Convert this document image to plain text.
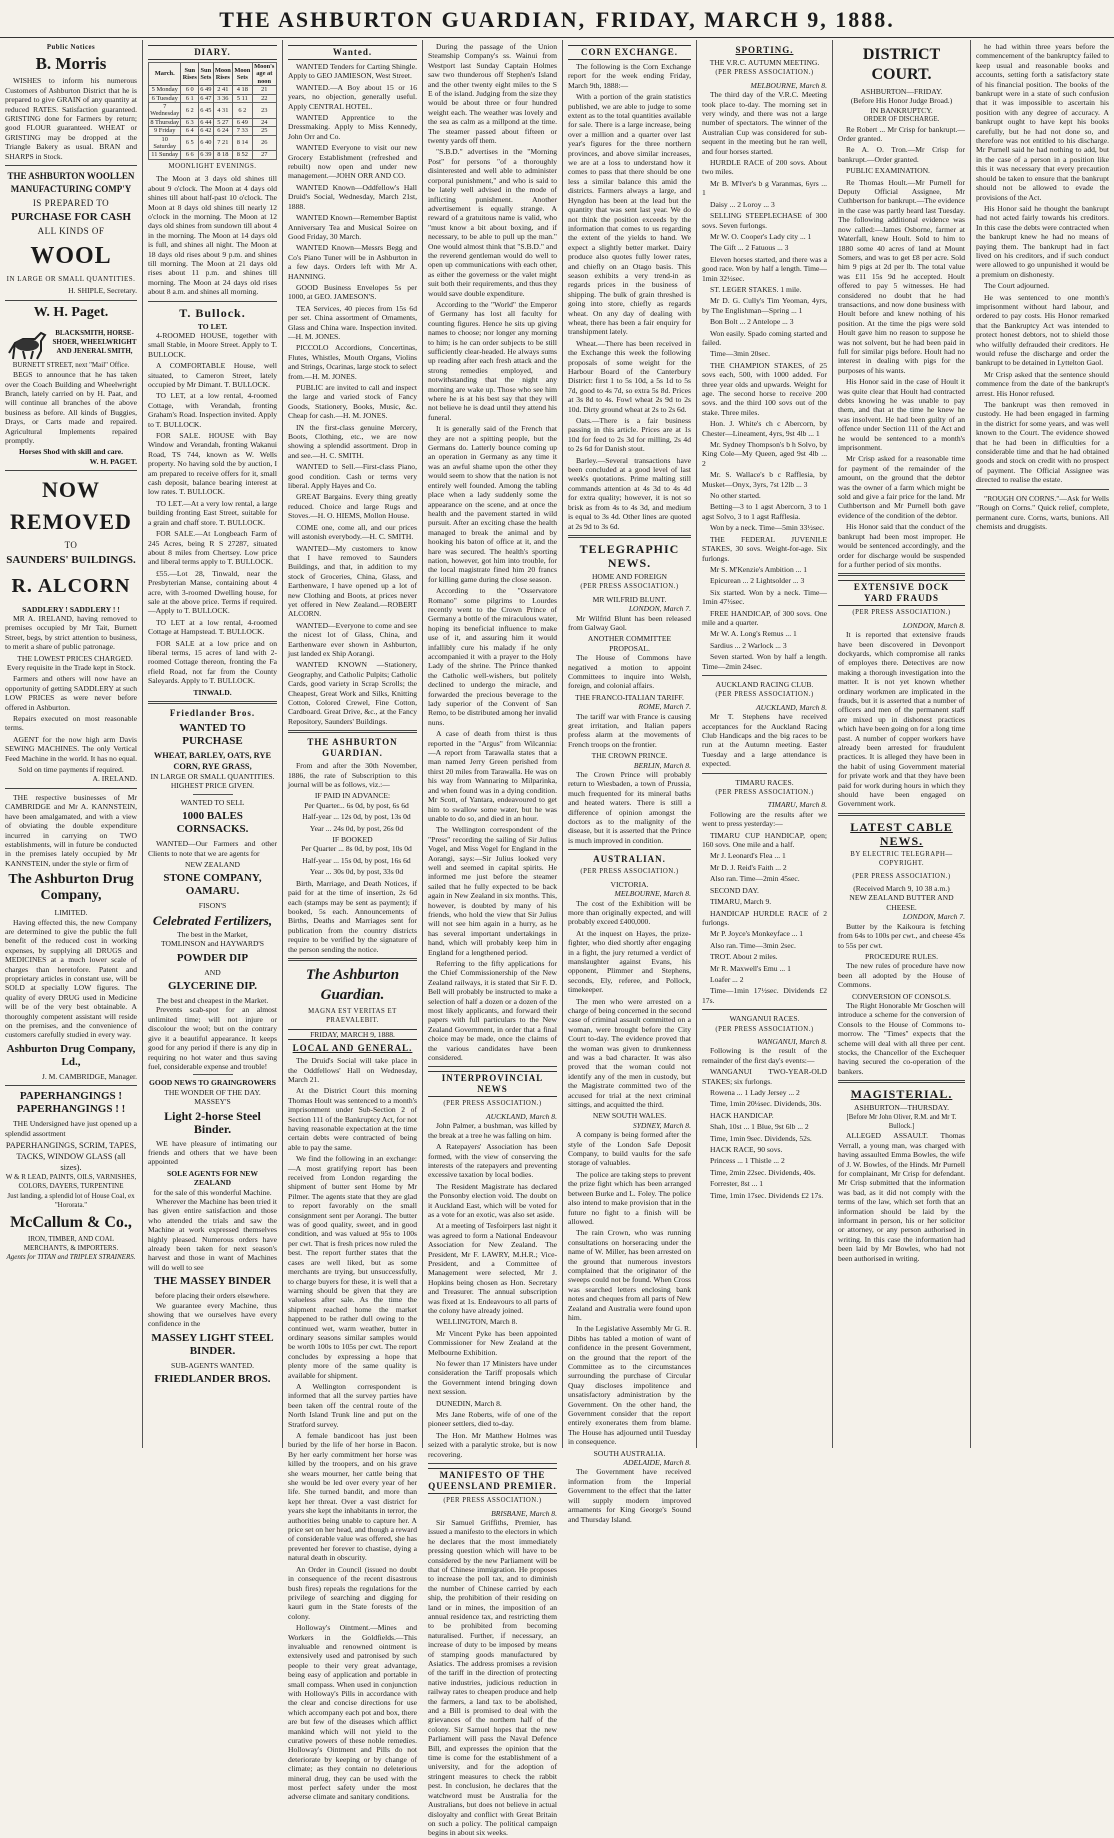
THE ASHBURTON GUARDIAN, FRIDAY, MARCH 9, 1888.
Public Notices
B. Morris

WISHES to inform his numerous Customers of Ashburton District that he is prepared to give GRAIN of any quantity at reduced RATES. Satisfaction guaranteed. GRISTING done for Farmers by return; good FLOUR guaranteed. WHEAT or GRISTING may be dropped at the Triangle Bakery as usual. BRAN and SHARPS in Stock.

THE ASHBURTON WOOLLEN MANUFACTURING COMP'Y
IS PREPARED TO
PURCHASE FOR CASH
ALL KINDS OF
WOOL
IN LARGE OR SMALL QUANTITIES.
H. SHIPLE, Secretary.
W. H. Paget.
BLACKSMITH, HORSE-SHOER, WHEELWRIGHT AND JENERAL SMITH,
BURNETT STREET, next "Mail" Office.

BEGS to announce that he has taken over the Coach Building and Wheelwright Branch, lately carried on by H. Paat, and will continue all branches of the above business as before. All kinds of Buggies, Drays, or Carts made and repaired. Agricultural Implements repaired promptly.

Horses Shod with skill and care.
W. H. PAGET.
NOW
REMOVED
TO
SAUNDERS' BUILDINGS.
R. ALCORN
SADDLERY ! SADDLERY ! !

MR A. IRELAND, having removed to premises occupied by Mr Tait, Burnett Street, begs, by strict attention to business, to merit a share of public patronage.

THE LOWEST PRICES CHARGED. Every requisite in the Trade kept in Stock.

Farmers and others will now have an opportunity of getting SADDLERY at such LOW PRICES as were never before offered in Ashburton.

Repairs executed on most reasonable terms.

AGENT for the now high arm Davis SEWING MACHINES. The only Vertical Feed Machine in the world. It has no equal.

Sold on time payments if required.
A. IRELAND.

THE respective businesses of Mr CAMBRIDGE and Mr A. KANNSTEIN, have been amalgamated, and with a view of obviating the double expenditure incurred in carrying on TWO establishments, will in future be conducted in the premises lately occupied by Mr KANNSTEIN, under the style or firm of

The Ashburton Drug Company,
LIMITED.

Having effected this, the new Company are determined to give the public the full benefit of the reduced cost in working expenses, by supplying all DRUGS and MEDICINES at a much lower scale of charges than heretofore. Patent and proprietary articles in constant use, will be SOLD at specially LOW figures. The quality of every DRUG used in Medicine will be of the very best obtainable. A thoroughly competent assistant will reside on the premises, and the convenience of customers carefully studied in every way.

Ashburton Drug Company, Ld.,
J. M. CAMBRIDGE, Manager.
PAPERHANGINGS ! PAPERHANGINGS ! !

THE Undersigned have just opened up a splendid assortment

PAPERHANGINGS, SCRIM, TAPES, TACKS, WINDOW GLASS (all sizes).
W & R LEAD, PAINTS, OILS, VARNISHES, COLORS, DAYERS, TURPENTINE
Just landing, a splendid lot of House Coal, ex "Hororata."
McCallum & Co.,
IRON, TIMBER, AND COAL MERCHANTS, & IMPORTERS.
Agents for TITAN and TRIPLEX STRAINERS.
DIARY.
March.	Sun Rises	Sun Sets	Moon Rises	Moon Sets	Moon's age at noon
5 Monday	6 0	6 49	2 41	4 18	21
6 Tuesday	6 1	6 47	3 36	5 11	22
7 Wednesday	6 2	6 45	4 31	6 2	23
8 Thursday	6 3	6 44	5 27	6 49	24
9 Friday	6 4	6 42	6 24	7 33	25
10 Saturday	6 5	6 40	7 21	8 14	26
11 Sunday	6 6	6 39	8 18	8 52	27
MOONLIGHT EVENINGS.

The Moon at 3 days old shines till about 9 o'clock. The Moon at 4 days old shines till about half-past 10 o'clock. The Moon at 8 days old shines till nearly 12 o'clock in the morning. The Moon at 12 days old shines from sundown till about 4 in the morning. The Moon at 14 days old is full, and shines all night. The Moon at 18 days old rises about 9 p.m. and shines till morning. The Moon at 21 days old rises about 11 p.m. and shines till morning. The Moon at 24 days old rises about 8 a.m. and shines all morning.

T. Bullock.
TO LET.

4-ROOMED HOUSE, together with small Stable, in Moore Street. Apply to T. BULLOCK.

A COMFORTABLE House, well situated, to Cameron Street, lately occupied by Mr Dimant. T. BULLOCK.

TO LET, at a low rental, 4-roomed Cottage, with Verandah, fronting Graham's Road. Inspection invited. Apply to T. BULLOCK.

FOR SALE. HOUSE with Bay Window and Verandah, fronting Wakanui Road, TS 744, known as W. Wells property. No having sold the by auction, I am prepared to receive offers for it, small cash deposit, balance bearing interest at low rates. T. BULLOCK.

TO LET.—At a very low rental, a large building fronting East Street, suitable for a grain and chaff store. T. BULLOCK.

FOR SALE.—At Longbeach Farm of 245 Acres, being R S 27287, situated about 8 miles from Chertsey. Low price and liberal terms apply to T. BULLOCK.

£55.—Lot 28, Tinwald, near the Presbyterian Manse, containing about 4 acre, with 3-roomed Dwelling house, for sale at the above price. Terms if required.—Apply to T. BULLOCK.

TO LET at a low rental, 4-roomed Cottage at Hampstead. T. BULLOCK.

FOR SALE at a low price and on liberal terms, 15 acres of land with 2-roomed Cottage thereon, fronting the Fa rfield Road, not far from the County Saleyards. Apply to T. BULLOCK.

TINWALD.
Friedlander Bros.
WANTED TO PURCHASE
WHEAT, BARLEY, OATS, RYE CORN, RYE GRASS,
IN LARGE OR SMALL QUANTITIES.
HIGHEST PRICE GIVEN.
WANTED TO SELL
1000 BALES CORNSACKS.

WANTED—Our Farmers and other Clients to note that we are agents for

NEW ZEALAND
STONE COMPANY, OAMARU.
FISON'S
Celebrated Fertilizers,
The best in the Market,
TOMLINSON and HAYWARD'S
POWDER DIP
AND
GLYCERINE DIP.
The best and cheapest in the Market.

Prevents scab-spot for an almost unlimited time; will not injure or discolour the wool; but on the contrary give it a beautiful appearance. It keeps good for any period if there is any dip in requiring no hot water and thus saving fuel, considerable expense and trouble!

GOOD NEWS TO GRAINGROWERS
THE WONDER OF THE DAY.
MASSEY'S
Light 2-horse Steel Binder.

WE have pleasure of intimating our friends and others that we have been appointed

SOLE AGENTS FOR NEW ZEALAND
for the sale of this wonderful Machine.

Wherever the Machine has been tried it has given entire satisfaction and those who attended the trials and saw the Machine at work expressed themselves highly pleased. Numerous orders have already been taken for next season's harvest and those in want of Machines will do well to see

THE MASSEY BINDER
before placing their orders elsewhere.

We guarantee every Machine, thus showing that we ourselves have every confidence in the

MASSEY LIGHT STEEL BINDER.
SUB-AGENTS WANTED.
FRIEDLANDER BROS.
Wanted.

WANTED Tenders for Carting Shingle. Apply to GEO JAMIESON, West Street.

WANTED.—A Boy about 15 or 16 years, no objection, generally useful. Apply CENTRAL HOTEL.

WANTED Apprentice to the Dressmaking. Apply to Miss Kennedy, John Orr and Co.

WANTED Everyone to visit our new Grocery Establishment (refreshed and rebuilt) now open and under new management.—JOHN ORR AND CO.

WANTED Known—Oddfellow's Hall Druid's Social, Wednesday, March 21st, 1888.

WANTED Known—Remember Baptist Anniversary Tea and Musical Soiree on Good Friday, 30 March.

WANTED Known—Messrs Begg and Co's Piano Tuner will be in Ashburton in a few days. Orders left with Mr A. HANNING.

GOOD Business Envelopes 5s per 1000, at GEO. JAMESON'S.

TEA Services, 40 pieces from 15s 6d per set. China assortment of Ornaments, Glass and China ware. Inspection invited.—H. M. JONES.

PICCOLO Accordions, Concertinas, Flutes, Whistles, Mouth Organs, Violins and Strings, Ocarinas, large stock to select from.—H. M. JONES.

PUBLIC are invited to call and inspect the large and varied stock of Fancy Goods, Stationery, Books, Music, &c. Cheap for cash.—H. M. JONES.

IN the first-class genuine Mercery, Boots, Clothing, etc., we are now showing a splendid assortment. Drop in and see.—H. C. SMITH.

WANTED to Sell.—First-class Piano, good condition. Cash or terms very liberal. Apply Hayes and Co.

GREAT Bargains. Every thing greatly reduced. Choice and large Rugs and Stoves.—H. O. HIEMS, Mollon House.

COME one, come all, and our prices will astonish everybody.—H. C. SMITH.

WANTED—My customers to know that I have removed to Saunders Buildings, and that, in addition to my stock of Groceries, China, Glass, and Earthenware, I have opened up a lot of new Clothing and Boots, at prices never yet offered in New Zealand.—ROBERT ALCORN.

WANTED—Everyone to come and see the nicest lot of Glass, China, and Earthenware ever shown in Ashburton, just landed ex Ship Aorangi.

WANTED KNOWN —Stationery, Geography, and Catholic Pulpits; Catholic Cards, good variety in Scrap Scrolls; the Cheapest, Great Work and Silks, Knitting Cotton, Colored Crewel, Fine Cotton, Cardboard. Great Drive, &c., at the Fancy Repository, Saunders' Buildings.

THE ASHBURTON GUARDIAN.

From and after the 30th November, 1886, the rate of Subscription to this journal will be as follows, viz.:—

IF PAID IN ADVANCE:

Per Quarter... 6s 0d, by post, 6s 6d

Half-year ... 12s 0d, by post, 13s 0d

Year ... 24s 0d, by post, 26s 0d

IF BOOKED

Per Quarter ... 8s 0d, by post, 10s 0d

Half-year ... 15s 0d, by post, 16s 6d

Year ... 30s 0d, by post, 33s 0d

Birth, Marriage, and Death Notices, if paid for at the time of insertion, 2s 6d each (stamps may be sent as payment); if booked, 5s each. Announcements of Births, Deaths and Marriages sent for publication from the country districts require to be verified by the signature of the person sending the notice.

The Ashburton Guardian.
MAGNA EST VERITAS ET PRAEVALEBIT.
FRIDAY, MARCH 9, 1888.
LOCAL AND GENERAL.

The Druid's Social will take place in the Oddfellows' Hall on Wednesday, March 21.

At the District Court this morning Thomas Hoult was sentenced to a month's imprisonment under Sub-Section 2 of Section 111 of the Bankruptcy Act, for not having reasonable expectation at the time certain debts were contracted of being able to pay the same.

We find the following in an exchange:—A most gratifying report has been received from London regarding the shipment of butter sent Home by Mr Pilmer. The agents state that they are glad to report favorably on the small consignment sent per Aorangi. The butter was of good quality, sweet, and in good condition, and was valued at 95s to 100s per cwt. That is fresh prices now ruled the best. The report further states that the cases are well liked, but as some merchants are trying, but unsuccessfully, to charge buyers for these, it is well that a warning should be given that they are valueless after sale. As the time the shipment reached home the market happened to be rather dull owing to the continued wet, warm weather, butter in ordinary seasons similar samples would be worth 100s to 105s per cwt. The report concludes by expressing a hope that plenty more of the same quality is available for shipment.

A Wellington correspondent is informed that all the survey parties have been taken off the central route of the North Island Trunk line and put on the Stratford survey.

A female bandicoot has just been buried by the life of her horse in Bacon. By her early commitment her horse was killed by the troopers, and on his grave she wears mourner, her cattle being that she would be led over every year of her life. She turned bandit, and more than kept her threat. Over a vast district for years she kept the inhabitants in terror, the authorities being unable to capture her. A price set on her head, and though a reward of considerable value was offered, she has prevented her forever to chastise, dying a natural death in obscurity.

An Order in Council (issued no doubt in consequence of the recent disastrous bush fires) repeals the regulations for the privilege of searching and digging for kauri gum in the State forests of the colony.

Holloway's Ointment.—Mines and Workers in the Goldfields.—This invaluable and renowned ointment is extensively used and patronised by such people to their very great advantage, being easy of application and portable in small compass. When used in conjunction with Holloway's Pills in accordance with the clear and concise directions for use which accompany each pot and box, there are but few of the diseases which afflict mankind which will not yield to the curative powers of these noble remedies. Holloway's Ointment and Pills do not deteriorate by keeping or by change of climate; as they contain no deleterious mineral drug, they can be used with the most perfect safety under the most adverse climate and sanitary conditions.

During the passage of the Union Steamship Company's ss. Wainui from Westport last Sunday Captain Holmes saw two thunderous off Stephen's Island and the other twenty eight miles to the S E of the island. Judging from the size they would be about three or four hundred weight each. The weather was lovely and the sea as calm as a millpond at the time. The steamer passed about fifteen or twenty yards off them.

"S.B.D." advertises in the "Morning Post" for persons "of a thoroughly disinterested and well able to administer corporal punishment," and who is said to be lately well advised in the mode of inflicting punishment. Another advertisement is equally strange. A reward of a gratuitous name is valid, who "must know a bit about boxing, and if necessary, to be able to pull up the man." One would almost think that "S.B.D." and the reverend gentleman would do well to open up communications with each other, as either the governess or the valet might suit both their requirements, and thus they would save double expenditure.

According to the "World" the Emperor of Germany has lost all faculty for counting figures. Hence he sits up giving names to choose; nor longer any morning to him; is he can order subjects to be still sufficiently clear-headed. He always sums up reading after each fresh attack and the strong remedies employed, and notwithstanding that the night any morning are wake up. Those who see him where he is at his best say that they will not believe he is dead until they attend his funeral.

It is generally said of the French that they are not a spitting people, but the Germans do. Latterly bounce coming up an operation in Germany as any time it was an awful shame upon the other they would seem to show that the nation is not entirely well founded. Among the tabling place when a lady suddenly some the appearance on the scene, and at once the health and the pavement started in wild pursuit. After an exciting chase the health managed to break the animal and by hooking his baton of office at it, and the hare was secured. The health's sporting nation, however, got him into trouble, for the local magistrate fined him 20 francs for killing game during the close season.

According to the "Osservatore Romano" some pilgrims to Lourdes recently went to the Crown Prince of Germany a bottle of the miraculous water, hoping its beneficial influence to make use of it, and assuring him it would infallibly cure his malady if he only accompanied it with a prayer to the Holy Lady of the shrine. The Prince thanked the Catholic well-wishers, but politely declined to undergo the miracle, and forwarded the precious beverage to the lady superior of the Convent of San Remo, to be distributed among her invalid nuns.

A case of death from thirst is thus reported in the "Argus" from Wilcannia:—A report from Tarawalla states that a man named Jerry Green perished from thirst 20 miles from Tarawalla. He was on his way from Wannaring to Milparinka, and when found was in a dying condition. Mr Scott, of Yantara, endeavoured to get him to swallow some water, but he was unable to do so, and died in an hour.

The Wellington correspondent of the "Press" recording the sailing of Sir Julius Vogel, and Miss Vogel for England in the Aorangi, says:—Sir Julius looked very well and seemed in capital spirits. He informed me just before the steamer sailed that he fully expected to be back again in New Zealand in six months. This, however, is doubted by many of his friends, who hold the view that Sir Julius will not see him again in a hurry, as he has several important undertakings in hand, which will probably keep him in England for a lengthened period.

Referring to the fifty applications for the Chief Commissionership of the New Zealand railways, it is stated that Sir F. D. Bell will probably be instructed to make a selection of half a dozen or a dozen of the most likely applicants, and forward their papers with full particulars to the New Zealand Government, in order that a final choice may be made, once the claims of the various candidates have been considered.

INTERPROVINCIAL NEWS
(PER PRESS ASSOCIATION.)
AUCKLAND, March 8.

John Palmer, a bushman, was killed by the break at a tree he was falling on him.

A Ratepayers' Association has been formed, with the view of conserving the interests of the ratepayers and preventing excessive taxation by local bodies.

The Resident Magistrate has declared the Ponsonby election void. The doubt on it Auckland East, which will be voted for as a vote for an exotic, was also set aside.

At a meeting of Tesfoirpers last night it was agreed to form a National Endeavour Association for New Zealand. The President, Mr F. LAWRY, M.H.R.; Vice-President, and a Committee of Management were selected, Mr J. Hopkins being chosen as Hon. Secretary and Treasurer. The annual subscription was fixed at 1s. Endeavours to all parts of the colony have already joined.

WELLINGTON, March 8.

Mr Vincent Pyke has been appointed Commissioner for New Zealand at the Melbourne Exhibition.

No fewer than 17 Ministers have under consideration the Tariff proposals which the Government intend bringing down next session.

DUNEDIN, March 8.

Mrs Jane Roberts, wife of one of the pioneer settlers, died to-day.

The Hon. Mr Matthew Holmes was seized with a paralytic stroke, but is now recovering.

MANIFESTO OF THE QUEENSLAND PREMIER.
(PER PRESS ASSOCIATION.)
BRISBANE, March 8.

Sir Samuel Griffiths, Premier, has issued a manifesto to the electors in which he declares that the most immediately pressing question which will have to be considered by the new Parliament will be that of Chinese immigration. He proposes to increase the poll tax, and to diminish the number of Chinese carried by each ship, the prohibition of their residing on land or in mines, the imposition of an annual residence tax, and restricting them to be prohibited from becoming naturalised. Further, if necessary, an increase of duty to be imposed by means of stamping goods manufactured by Asiatics. The address promises a revision of the tariff in the direction of protecting native industries, judicious reduction in railway rates to cheapen produce and help the farmers, a land tax to be abolished, and a Bill is promised to deal with the grievances of the northern half of the colony. Sir Samuel hopes that the new Parliament will pass the Naval Defence Bill, and expresses the opinion that the time is come for the establishment of a university, and for the adoption of stringent measures to check the rabbit pest. In conclusion, he declares that the watchword must be Australia for the Australians, but does not believe in actual disloyalty and conflict with Great Britain on such a policy. The political campaign begins in about six weeks.

CORN EXCHANGE.

The following is the Corn Exchange report for the week ending Friday, March 9th, 1888:—

With a portion of the grain statistics published, we are able to judge to some extent as to the total quantities available for sale. There is a large increase, being over a million and a quarter over last year's figures for the three northern provinces, and above similar increases, we are at a loss to understand how it comes to pass that there should be one less a similar balance this amid the districts. Farmers always a large, and Hyngdon has been at the lead but the quantity that was sent last year. We do not think the position exceeds by the information that comes to us regarding the extent of the yields to hand. We expect a slightly better market. Dairy produce also quotes fully lower rates, and chiefly on an Otago basis. This season exhibits a very trend-in as regards prices in the business of shipping. The bulk of grain threshed is going into store, chiefly as regards wheat. On any day of dealing with wheat, there has been a fair enquiry for transhipment lately.

Wheat.—There has been received in the Exchange this week the following proposals of some weight for the Harbour Board of the Canterbury District: first 1 to 5s 10d, a 5s 1d to 5s 7d, good to 4s 7d, so extra 5s 8d. Prices at 3s 8d to 4s. Fowl wheat 2s 9d to 2s 10d. Dirty ground wheat at 2s to 2s 6d.

Oats.—There is a fair business passing in this article. Prices are at 1s 10d for feed to 2s 3d for milling, 2s 4d to 2s 6d for Danish stout.

Barley.—Several transactions have been concluded at a good level of last week's quotations. Prime malting still commands attention at 4s 3d to 4s 4d for extra quality; however, it is not so brisk as from 4s to 4s 3d, and medium is equal to 3s 4d. Other lines are quoted at 2s 9d to 3s 6d.

TELEGRAPHIC NEWS.
HOME AND FOREIGN
(PER PRESS ASSOCIATION.)
MR WILFRID BLUNT.
LONDON, March 7.

Mr Wilfrid Blunt has been released from Galway Gaol.

ANOTHER COMMITTEE PROPOSAL.

The House of Commons have negatived a motion to appoint Committees to inquire into Welsh, foreign, and colonial affairs.

THE FRANCO-ITALIAN TARIFF.
ROME, March 7.

The tariff war with France is causing great irritation, and Italian papers profess alarm at the movements of French troops on the frontier.

THE CROWN PRINCE.
BERLIN, March 8.

The Crown Prince will probably return to Wiesbaden, a town of Prussia, much frequented for its mineral baths and heated waters. There is still a difference of opinion amongst the doctors as to the malignity of the disease, but it is asserted that the Prince is much improved in condition.

AUSTRALIAN.
(PER PRESS ASSOCIATION.)
VICTORIA.
MELBOURNE, March 8.

The cost of the Exhibition will be more than originally expected, and will probably exceed £400,000.

At the inquest on Hayes, the prize-fighter, who died shortly after engaging in a fight, the jury returned a verdict of manslaughter against Evans, his opponent, Plimmer and Stephens, seconds, Ely, referee, and Pollock, timekeeper.

The men who were arrested on a charge of being concerned in the second case of criminal assault committed on a woman, were brought before the City Court to-day. The evidence proved that the woman was given to drunkenness and was a bad character. It was also proved that the woman could not identify any of the men in custody, but the Magistrate committed two of the accused for trial at the next criminal sittings, and acquitted the third.

NEW SOUTH WALES.
SYDNEY, March 8.

A company is being formed after the style of the London Safe Deposit Company, to build vaults for the safe storage of valuables.

The police are taking steps to prevent the prize fight which has been arranged between Burke and L. Foley. The police also intend to make provision that in the future no fight to a finish will be allowed.

The rain Crown, who was running consultations on horseracing under the name of W. Miller, has been arrested on the ground that numerous investors complained that the originator of the sweeps could not be found. When Cross was searched letters enclosing bank notes and cheques from all parts of New Zealand and Australia were found upon him.

In the Legislative Assembly Mr G. R. Dibbs has tabled a motion of want of confidence in the present Government, on the ground that the report of the Committee as to the circumstances surrounding the purchase of Circular Quay discloses impolitence and unsatisfactory administration by the Government. On the other hand, the Government consider that the report entirely exonerates them from blame. The House has adjourned until Tuesday in consequence.

SOUTH AUSTRALIA.
ADELAIDE, March 8.

The Government have received information from the Imperial Government to the effect that the latter will supply modern improved armaments for King George's Sound and Thursday Island.

SPORTING.
THE V.R.C. AUTUMN MEETING.
(PER PRESS ASSOCIATION.)
MELBOURNE, March 8.

The third day of the V.R.C. Meeting took place to-day. The morning set in very windy, and there was not a large number of spectators. The winner of the Australian Cup was considered for sub-sequent in the meeting but he ran well, and four horses started.

HURDLE RACE of 200 sovs. About two miles.

Mr B. M'Iver's b g Varanmas, 6yrs ... 1

Daisy ... 2 Loroy ... 3

SELLING STEEPLECHASE of 300 sovs. Seven furlongs.

Mr W. O. Cooper's Lady city ... 1

The Gift ... 2 Fatuous ... 3

Eleven horses started, and there was a good race. Won by half a length. Time—1min 32½sec.

ST. LEGER STAKES. 1 mile.

Mr D. G. Cully's Tim Yeoman, 4yrs, by The Englishman—Spring ... 1

Bon Bolt ... 2 Antelope ... 3

Won easily. Spado coming started and failed.

Time—3min 20sec.

THE CHAMPION STAKES, of 25 sovs each, 500, with 1000 added. For three year olds and upwards. Weight for age. The second horse to receive 200 sovs. and the third 100 sovs out of the stake. Three miles.

Hon. J. White's ch c Abercorn, by Chester—Lineament, 4yrs, 9st 4lb ... 1

Mr. Sydney Thompson's b h Solvo, by King Cole—My Queen, aged 9st 4lb ... 2

Mr. S. Wallace's b c Rafflesia, by Musket—Onyx, 3yrs, 7st 12lb ... 3

No other started.

Betting—3 to 1 agst Abercorn, 3 to 1 agst Solvo, 3 to 1 agst Rafflesia.

Won by a neck. Time—5min 33½sec.

THE FEDERAL JUVENILE STAKES, 30 sovs. Weight-for-age. Six furlongs.

Mr S. M'Kenzie's Ambition ... 1

Epicurean ... 2 Lightsolder ... 3

Six started. Won by a neck. Time—1min 47½sec.

FREE HANDICAP, of 300 sovs. One mile and a quarter.

Mr W. A. Long's Remus ... 1

Sardius ... 2 Warlock ... 3

Seven started. Won by half a length. Time—2min 24sec.

AUCKLAND RACING CLUB.
(PER PRESS ASSOCIATION.)
AUCKLAND, March 8.

Mr T. Stephens have received acceptances for the Auckland Racing Club Handicaps and the big races to be run at the Autumn meeting. Easter Tuesday and a large attendance is expected.

TIMARU RACES.
(PER PRESS ASSOCIATION.)
TIMARU, March 8.

Following are the results after we went to press yesterday:—

TIMARU CUP HANDICAP, open; 160 sovs. One mile and a half.

Mr J. Leonard's Flea ... 1

Mr D. J. Reid's Faith ... 2

Also ran. Time—2min 45sec.

SECOND DAY.

TIMARU, March 9.

HANDICAP HURDLE RACE of 2 furlongs.

Mr P. Joyce's Monkeyface ... 1

Also ran. Time—3min 2sec.

TROT. About 2 miles.

Mr R. Maxwell's Emu ... 1

Loafer ... 2

Time—1min 17½sec. Dividends £2 17s.

WANGANUI RACES.
(PER PRESS ASSOCIATION.)
WANGANUI, March 8.

Following is the result of the remainder of the first day's events:—

WANGANUI TWO-YEAR-OLD STAKES; six furlongs.

Rowena ... 1 Lady Jersey ... 2

Time, 1min 20¼sec. Dividends, 30s.

HACK HANDICAP.

Shah, 10st ... 1 Blue, 9st 6lb ... 2

Time, 1min 9sec. Dividends, 52s.

HACK RACE, 90 sovs.

Princess ... 1 Thistle ... 2

Time, 2min 22sec. Dividends, 40s.

Forrester, 8st ... 1

Time, 1min 17sec. Dividends £2 17s.

DISTRICT COURT.
ASHBURTON—FRIDAY.
(Before His Honor Judge Broad.)
IN BANKRUPTCY.
ORDER OF DISCHARGE.

Re Robert ... Mr Crisp for bankrupt.—Order granted.

Re A. O. Tron.—Mr Crisp for bankrupt.—Order granted.

PUBLIC EXAMINATION.

Re Thomas Hoult.—Mr Purnell for Deputy Official Assignee, Mr Cuthbertson for bankrupt.—The evidence in the case was partly heard last Tuesday. The following additional evidence was now called:—James Osborne, farmer at Waterfall, knew Hoult. Sold to him to 1880 some 40 acres of land at Mount Somers, and was to get £8 per acre. Sold him 9 pigs at 2d per lb. The total value was £11 15s 9d he accepted. Hoult offered to pay 5 witnesses. He had considered no doubt that he had transactions, and now done business with Hoult before and knew nothing of his position. At the time the pigs were sold Hoult gave him no reason to suppose he was not solvent, but he had been paid in full for similar pigs before. Hoult had no interest in dealing with pigs for the purposes of his wants.

His Honor said in the case of Hoult it was quite clear that Hoult had contracted debts knowing he was unable to pay them, and that at the time he knew he was insolvent. He had been guilty of an offence under Section 111 of the Act and he would be sentenced to a month's imprisonment.

Mr Crisp asked for a reasonable time for payment of the remainder of the amount, on the ground that the debtor was the owner of a farm which might be sold and give a fair price for the land. Mr Cuthbertson and Mr Purnell both gave evidence of the condition of the debtor.

His Honor said that the conduct of the bankrupt had been most improper. He would be sentenced accordingly, and the order for discharge would be suspended for a further period of six months.

EXTENSIVE DOCK YARD FRAUDS
(PER PRESS ASSOCIATION.)
LONDON, March 8.

It is reported that extensive frauds have been discovered in Devonport dockyards, which compromise all ranks of employes there. Detectives are now making a thorough investigation into the matter. It is not yet known whether ordinary workmen are implicated in the frauds, but it is asserted that a number of officers and men of the permanent staff are mixed up in dishonest practices which have been going on for a long time past. A number of copper workers have already been arrested for fraudulent practices. It is alleged they have been in the habit of using Government material for private work and that they have been paid for work during hours in which they should have been engaged on Government work.

LATEST CABLE NEWS.
BY ELECTRIC TELEGRAPH—COPYRIGHT.
(PER PRESS ASSOCIATION.)
(Received March 9, 10 38 a.m.)
NEW ZEALAND BUTTER AND CHEESE.
LONDON, March 7.

Butter by the Kaikoura is fetching from 64s to 100s per cwt., and cheese 45s to 55s per cwt.

PROCEDURE RULES.

The new rules of procedure have now been all adopted by the House of Commons.

CONVERSION OF CONSOLS.

The Right Honorable Mr Goschen will introduce a scheme for the conversion of Consols to the House of Commons to-morrow. The "Times" expects that the scheme will deal with all three per cent. stocks, the Chancellor of the Exchequer having secured the co-operation of the bankers.

MAGISTERIAL.
ASHBURTON—THURSDAY.
[Before Mr John Oliver, R.M. and Mr T. Bullock.]

ALLEGED ASSAULT. Thomas Verrall, a young man, was charged with having assaulted Emma Bowles, the wife of J. W. Bowles, of the Hinds. Mr Purnell for complainant, Mr Crisp for defendant. Mr Crisp submitted that the information was bad, as it did not comply with the terms of the law, which set forth that an information should be laid by the informant in person, his or her solicitor or attorney, or any person authorised in writing. In this case the information had been laid by Mr Bowles, who had not been authorised in writing.

he had within three years before the commencement of the bankruptcy failed to keep usual and reasonable books and accounts, setting forth a satisfactory state of his financial position. The books of the bankrupt were in a state of such confusion that it was impossible to ascertain his position with any degree of accuracy. A bankrupt ought to have kept his books carefully, but he had not done so, and therefore was not entitled to his discharge. Mr Purnell said he had nothing to add, but in the case of a person in a position like this it was necessary that every precaution should be taken to ensure that the bankrupt should not be allowed to evade the provisions of the Act.

His Honor said he thought the bankrupt had not acted fairly towards his creditors. In this case the debts were contracted when the bankrupt knew he had no means of paying them. The bankrupt had in fact lived on his creditors, and if such conduct were allowed to go unpunished it would be a premium on dishonesty.

The Court adjourned.

He was sentenced to one month's imprisonment without hard labour, and ordered to pay costs. His Honor remarked that the Bankruptcy Act was intended to protect honest debtors, not to shield those who wilfully defrauded their creditors. He would refuse the discharge and order the bankrupt to be detained in Lyttelton Gaol.

Mr Crisp asked that the sentence should commence from the date of the bankrupt's arrest. His Honor refused.

The bankrupt was then removed in custody. He had been engaged in farming in the district for some years, and was well known to the Court. The evidence showed that he had been in difficulties for a considerable time and that he had obtained goods and stock on credit with no prospect of payment. The Official Assignee was directed to realise the estate.

"ROUGH ON CORNS."—Ask for Wells "Rough on Corns." Quick relief, complete, permanent cure. Corns, warts, bunions. All chemists and druggists.
